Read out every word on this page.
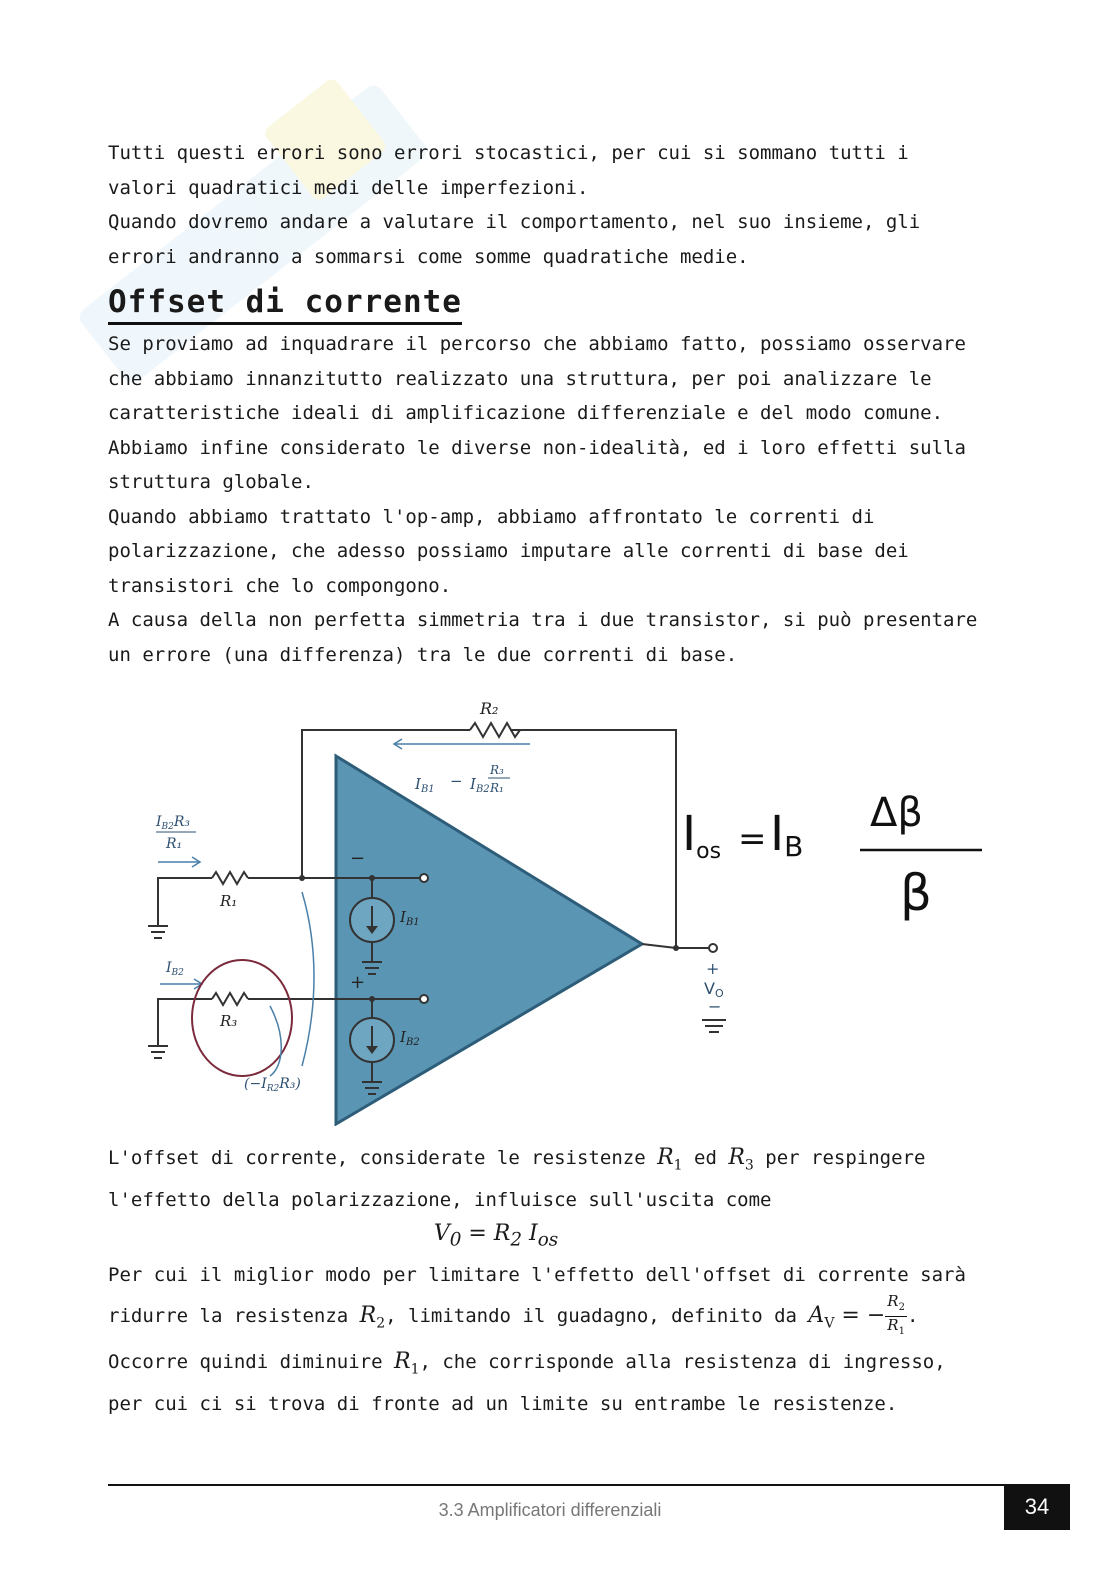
Tutti questi errori sono errori stocastici, per cui si sommano tutti i

valori quadratici medi delle imperfezioni.

Quando dovremo andare a valutare il comportamento, nel suo insieme, gli

errori andranno a sommarsi come somme quadratiche medie.

Offset di corrente

Se proviamo ad inquadrare il percorso che abbiamo fatto, possiamo osservare

che abbiamo innanzitutto realizzato una struttura, per poi analizzare le

caratteristiche ideali di amplificazione differenziale e del modo comune.

Abbiamo infine considerato le diverse non-idealità, ed i loro effetti sulla

struttura globale.

Quando abbiamo trattato l'op-amp, abbiamo affrontato le correnti di

polarizzazione, che adesso possiamo imputare alle correnti di base dei

transistori che lo compongono.

A causa della non perfetta simmetria tra i due transistor, si può presentare

un errore (una differenza) tra le due correnti di base.

R₂
$I_{B1} - I_{B2}$
R₃
R₁
$I_{B1}$
R₁
−
$I_{B2}R_3$
R₁
$I_{B2}$
R₃
+
$I_{B2}$
$(-I_{R2}R_3)$
+
VO
−
Ios = IB
Δβ
β

L'offset di corrente, considerate le resistenze $R_1$ ed $R_3$ per respingere

l'effetto della polarizzazione, influisce sull'uscita come

$V_0 = R_2$ $I_{os}$

Per cui il miglior modo per limitare l'effetto dell'offset di corrente sarà

ridurre la resistenza $R_2$, limitando il guadagno, definito da $A_V$ = − $\frac{R_2}{R_1}$ .

Occorre quindi diminuire $R_1$, che corrisponde alla resistenza di ingresso,

per cui ci si trova di fronte ad un limite su entrambe le resistenze.

3.3 Amplificatori differenziali	34
